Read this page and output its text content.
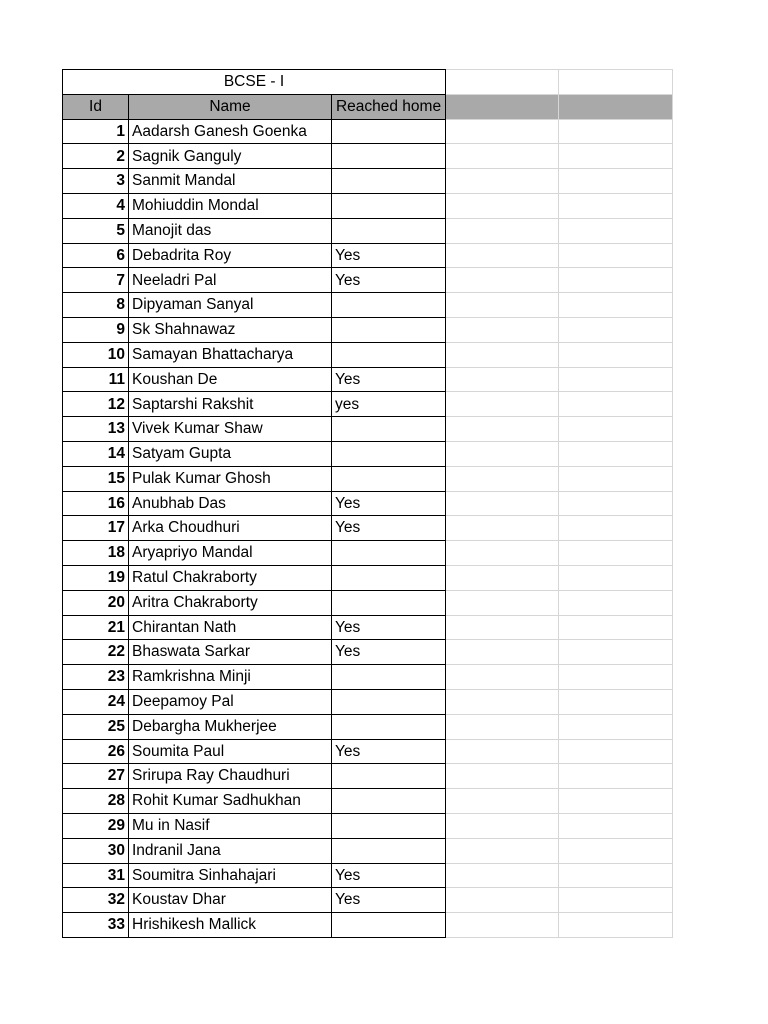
BCSE - I				
Id	Name	Reached home		
1	Aadarsh Ganesh Goenka			
2	Sagnik Ganguly			
3	Sanmit Mandal			
4	Mohiuddin Mondal			
5	Manojit das			
6	Debadrita Roy	Yes		
7	Neeladri Pal	Yes		
8	Dipyaman Sanyal			
9	Sk Shahnawaz			
10	Samayan Bhattacharya			
11	Koushan De	Yes		
12	Saptarshi Rakshit	yes		
13	Vivek Kumar Shaw			
14	Satyam Gupta			
15	Pulak Kumar Ghosh			
16	Anubhab Das	Yes		
17	Arka Choudhuri	Yes		
18	Aryapriyo Mandal			
19	Ratul Chakraborty			
20	Aritra Chakraborty			
21	Chirantan Nath	Yes		
22	Bhaswata Sarkar	Yes		
23	Ramkrishna Minji			
24	Deepamoy Pal			
25	Debargha Mukherjee			
26	Soumita Paul	Yes		
27	Srirupa Ray Chaudhuri			
28	Rohit Kumar Sadhukhan			
29	Mu in Nasif			
30	Indranil Jana			
31	Soumitra Sinhahajari	Yes		
32	Koustav Dhar	Yes		
33	Hrishikesh Mallick			
